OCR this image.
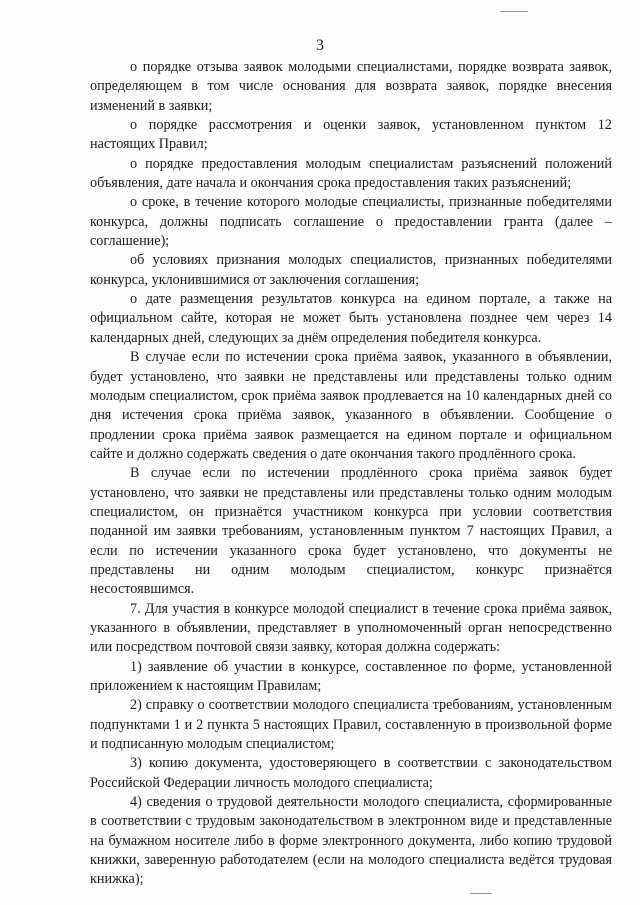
3

о порядке отзыва заявок молодыми специалистами, порядке возврата заявок, определяющем в том числе основания для возврата заявок, порядке внесения изменений в заявки;

о порядке рассмотрения и оценки заявок, установленном пунктом 12 настоящих Правил;

о порядке предоставления молодым специалистам разъяснений положений объявления, дате начала и окончания срока предоставления таких разъяснений;

о сроке, в течение которого молодые специалисты, признанные победителями конкурса, должны подписать соглашение о предоставлении гранта (далее – соглашение);

об условиях признания молодых специалистов, признанных победителями конкурса, уклонившимися от заключения соглашения;

о дате размещения результатов конкурса на едином портале, а также на официальном сайте, которая не может быть установлена позднее чем через 14 календарных дней, следующих за днём определения победителя конкурса.

В случае если по истечении срока приёма заявок, указанного в объявлении, будет установлено, что заявки не представлены или представлены только одним молодым специалистом, срок приёма заявок продлевается на 10 календарных дней со дня истечения срока приёма заявок, указанного в объявлении. Сообщение о продлении срока приёма заявок размещается на едином портале и официальном сайте и должно содержать сведения о дате окончания такого продлённого срока.

В случае если по истечении продлённого срока приёма заявок будет установлено, что заявки не представлены или представлены только одним молодым специалистом, он признаётся участником конкурса при условии соответствия поданной им заявки требованиям, установленным пунктом 7 настоящих Правил, а если по истечении указанного срока будет установлено, что документы не представлены ни одним молодым специалистом, конкурс признаётся несостоявшимся.

7. Для участия в конкурсе молодой специалист в течение срока приёма заявок, указанного в объявлении, представляет в уполномоченный орган непосредственно или посредством почтовой связи заявку, которая должна содержать:

1) заявление об участии в конкурсе, составленное по форме, установленной приложением к настоящим Правилам;

2) справку о соответствии молодого специалиста требованиям, установленным подпунктами 1 и 2 пункта 5 настоящих Правил, составленную в произвольной форме и подписанную молодым специалистом;

3) копию документа, удостоверяющего в соответствии с законодательством Российской Федерации личность молодого специалиста;

4) сведения о трудовой деятельности молодого специалиста, сформированные в соответствии с трудовым законодательством в электронном виде и представленные на бумажном носителе либо в форме электронного документа, либо копию трудовой книжки, заверенную работодателем (если на молодого специалиста ведётся трудовая книжка);
